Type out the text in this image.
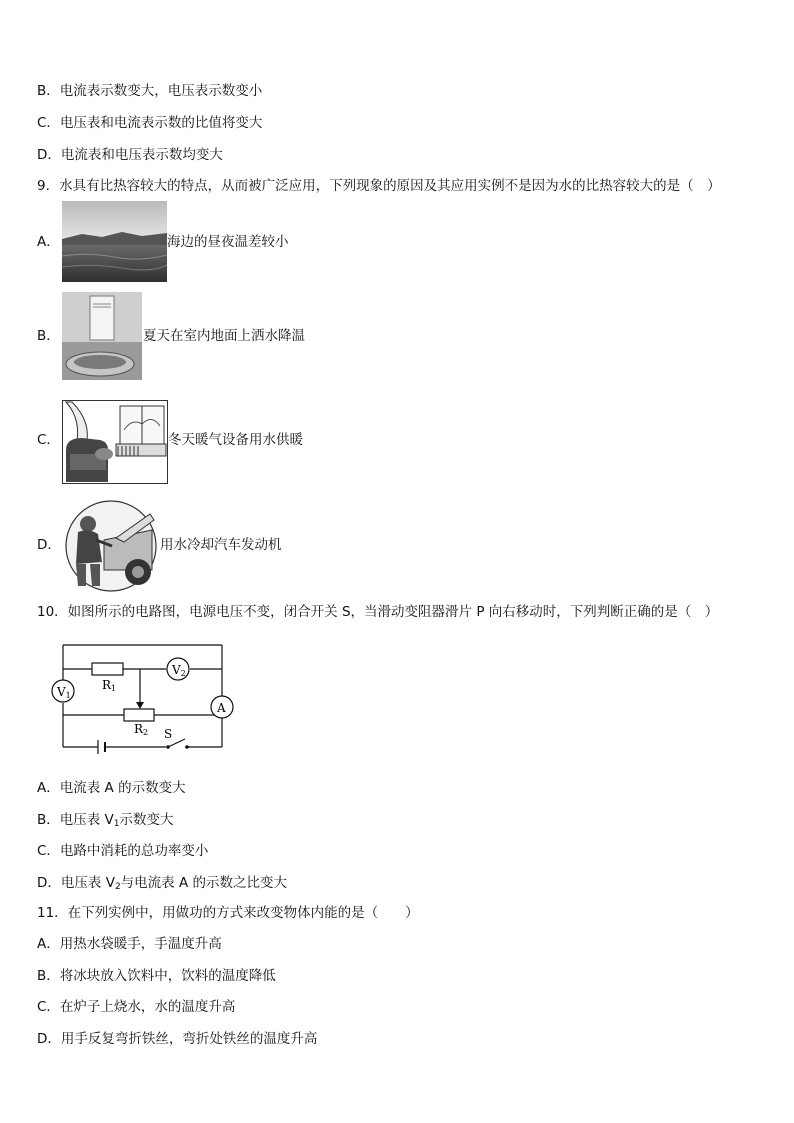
B．电流表示数变大，电压表示数变小
C．电压表和电流表示数的比值将变大
D．电流表和电压表示数均变大
9．水具有比热容较大的特点，从而被广泛应用，下列现象的原因及其应用实例不是因为水的比热容较大的是（　）
A．	海边的昼夜温差较小
B．	夏天在室内地面上洒水降温
C．	冬天暖气设备用水供暖
D．	用水冷却汽车发动机
10．如图所示的电路图，电源电压不变，闭合开关 S，当滑动变阻器滑片 P 向右移动时，下列判断正确的是（　）
V1
V2
A
R1
R2 S
A．电流表 A 的示数变大
B．电压表 $V_1$示数变大
C．电路中消耗的总功率变小
D．电压表 $V_2$与电流表 A 的示数之比变大
11．在下列实例中，用做功的方式来改变物体内能的是（　　）
A．用热水袋暖手，手温度升高
B．将冰块放入饮料中，饮料的温度降低
C．在炉子上烧水，水的温度升高
D．用手反复弯折铁丝，弯折处铁丝的温度升高
